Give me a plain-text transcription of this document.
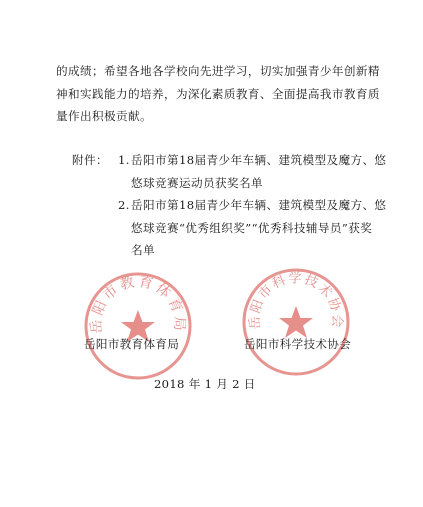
的成绩；希望各地各学校向先进学习，切实加强青少年创新精
神和实践能力的培养，为深化素质教育、全面提高我市教育质
量作出积极贡献。
附件： 1. 岳阳市第18届青少年车辆、建筑模型及魔方、悠
悠球竞赛运动员获奖名单
2. 岳阳市第18届青少年车辆、建筑模型及魔方、悠
悠球竞赛“优秀组织奖”“优秀科技辅导员”获奖
名单
岳阳市教育体育局	岳阳市科学技术协会
岳阳市教育体育局	岳阳市科学技术协会
2018 年 1 月 2 日
